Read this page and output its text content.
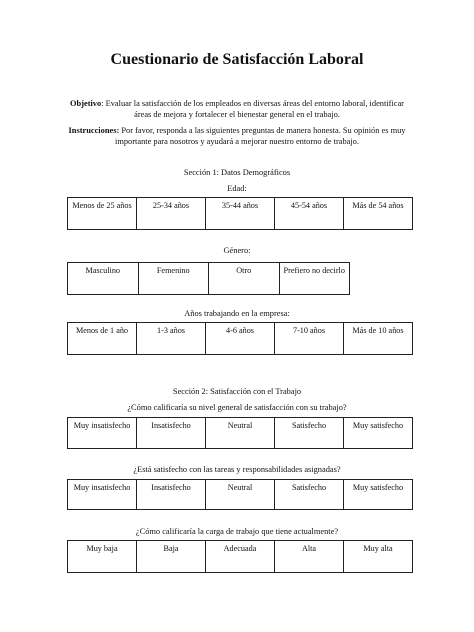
Cuestionario de Satisfacción Laboral
Objetivo: Evaluar la satisfacción de los empleados en diversas áreas del entorno laboral, identificar áreas de mejora y fortalecer el bienestar general en el trabajo.
Instrucciones: Por favor, responda a las siguientes preguntas de manera honesta. Su opinión es muy importante para nosotros y ayudará a mejorar nuestro entorno de trabajo.
Sección 1: Datos Demográficos
Edad:
Menos de 25 años	25-34 años	35-44 años	45-54 años	Más de 54 años
Género:
Masculino	Femenino	Otro	Prefiero no decirlo
Años trabajando en la empresa:
Menos de 1 año	1-3 años	4-6 años	7-10 años	Más de 10 años
Sección 2: Satisfacción con el Trabajo
¿Cómo calificaría su nivel general de satisfacción con su trabajo?
Muy insatisfecho	Insatisfecho	Neutral	Satisfecho	Muy satisfecho
¿Está satisfecho con las tareas y responsabilidades asignadas?
Muy insatisfecho	Insatisfecho	Neutral	Satisfecho	Muy satisfecho
¿Cómo calificaría la carga de trabajo que tiene actualmente?
Muy baja	Baja	Adecuada	Alta	Muy alta
